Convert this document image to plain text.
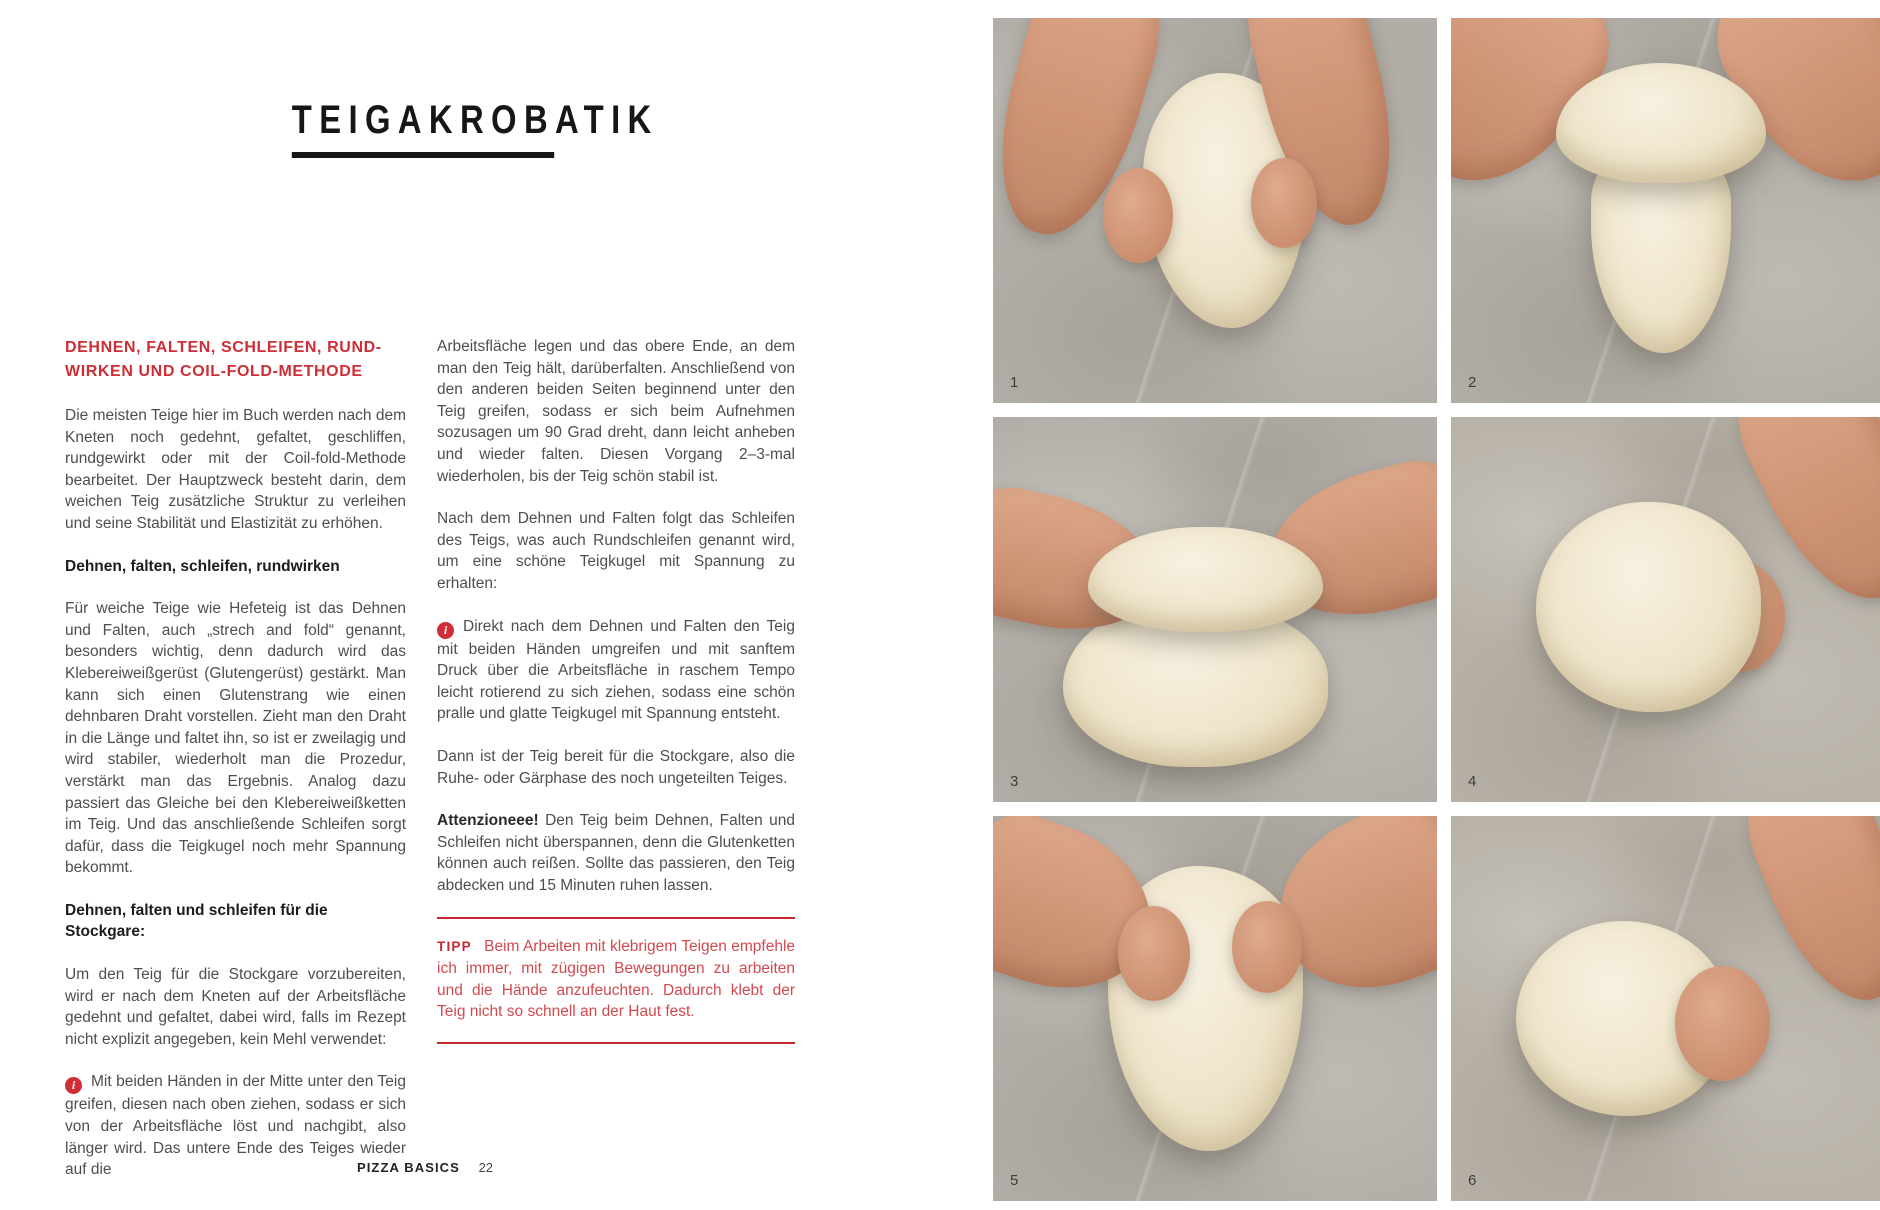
TEIGAKROBATIK

DEHNEN, FALTEN, SCHLEIFEN, RUND-
WIRKEN UND COIL-FOLD-METHODE

Die meisten Teige hier im Buch werden nach dem Kneten noch gedehnt, gefaltet, geschliffen, rundgewirkt oder mit der Coil-fold-Methode bearbeitet. Der Hauptzweck besteht darin, dem weichen Teig zusätzliche Struktur zu verleihen und seine Stabilität und Elastizität zu erhöhen.

Dehnen, falten, schleifen, rundwirken

Für weiche Teige wie Hefeteig ist das Dehnen und Falten, auch „strech and fold“ genannt, besonders wichtig, denn dadurch wird das Klebereiweißgerüst (Glutengerüst) gestärkt. Man kann sich einen Glutenstrang wie einen dehnbaren Draht vorstellen. Zieht man den Draht in die Länge und faltet ihn, so ist er zweilagig und wird stabiler, wiederholt man die Prozedur, verstärkt man das Ergebnis. Analog dazu passiert das Gleiche bei den Klebereiweißketten im Teig. Und das anschließende Schleifen sorgt dafür, dass die Teigkugel noch mehr Spannung bekommt.

Dehnen, falten und schleifen für die Stockgare:

Um den Teig für die Stockgare vorzubereiten, wird er nach dem Kneten auf der Arbeitsfläche gedehnt und gefaltet, dabei wird, falls im Rezept nicht explizit angegeben, kein Mehl verwendet:

i Mit beiden Händen in der Mitte unter den Teig greifen, diesen nach oben ziehen, sodass er sich von der Arbeitsfläche löst und nachgibt, also länger wird. Das untere Ende des Teiges wieder auf die

Arbeitsfläche legen und das obere Ende, an dem man den Teig hält, darüberfalten. Anschließend von den anderen beiden Seiten beginnend unter den Teig greifen, sodass er sich beim Aufnehmen sozusagen um 90 Grad dreht, dann leicht anheben und wieder falten. Diesen Vorgang 2–3-mal wiederholen, bis der Teig schön stabil ist.

Nach dem Dehnen und Falten folgt das Schleifen des Teigs, was auch Rundschleifen genannt wird, um eine schöne Teigkugel mit Spannung zu erhalten:

i Direkt nach dem Dehnen und Falten den Teig mit beiden Händen umgreifen und mit sanftem Druck über die Arbeitsfläche in raschem Tempo leicht rotierend zu sich ziehen, sodass eine schön pralle und glatte Teigkugel mit Spannung entsteht.

Dann ist der Teig bereit für die Stockgare, also die Ruhe- oder Gärphase des noch ungeteilten Teiges.

Attenzioneee! Den Teig beim Dehnen, Falten und Schleifen nicht überspannen, denn die Glutenketten können auch reißen. Sollte das passieren, den Teig abdecken und 15 Minuten ruhen lassen.

TIPP Beim Arbeiten mit klebrigem Teigen empfehle ich immer, mit zügigen Bewegungen zu arbeiten und die Hände anzufeuchten. Dadurch klebt der Teig nicht so schnell an der Haut fest.
PIZZA BASICS 22
1	2
3	4
5	6
